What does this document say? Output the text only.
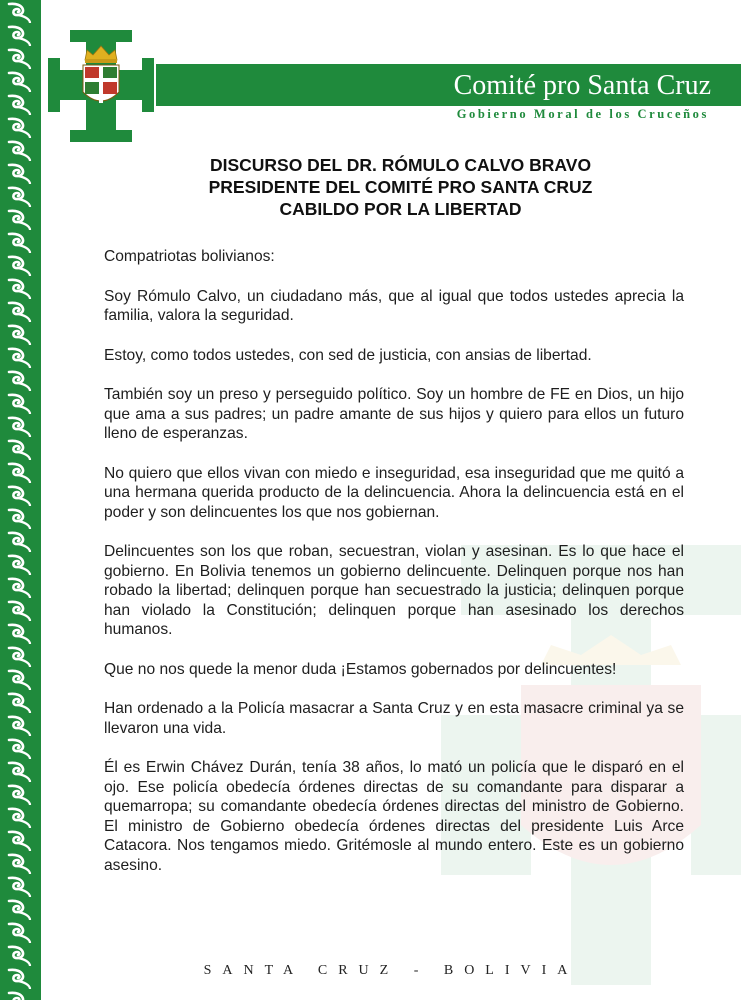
Comité pro Santa Cruz
Gobierno Moral de los Cruceños
DISCURSO DEL DR. RÓMULO CALVO BRAVO
PRESIDENTE DEL COMITÉ PRO SANTA CRUZ
CABILDO POR LA LIBERTAD

Compatriotas bolivianos:

Soy Rómulo Calvo, un ciudadano más, que al igual que todos ustedes aprecia la familia, valora la seguridad.

Estoy, como todos ustedes, con sed de justicia, con ansias de libertad.

También soy un preso y perseguido político. Soy un hombre de FE en Dios, un hijo que ama a sus padres; un padre amante de sus hijos y quiero para ellos un futuro lleno de esperanzas.

No quiero que ellos vivan con miedo e inseguridad, esa inseguridad que me quitó a una hermana querida producto de la delincuencia. Ahora la delincuencia está en el poder y son delincuentes los que nos gobiernan.

Delincuentes son los que roban, secuestran, violan y asesinan. Es lo que hace el gobierno. En Bolivia tenemos un gobierno delincuente. Delinquen porque nos han robado la libertad; delinquen porque han secuestrado la justicia; delinquen porque han violado la Constitución; delinquen porque han asesinado los derechos humanos.

Que no nos quede la menor duda ¡Estamos gobernados por delincuentes!

Han ordenado a la Policía masacrar a Santa Cruz y en esta masacre criminal ya se llevaron una vida.

Él es Erwin Chávez Durán, tenía 38 años, lo mató un policía que le disparó en el ojo. Ese policía obedecía órdenes directas de su comandante para disparar a quemarropa; su comandante obedecía órdenes directas del ministro de Gobierno. El ministro de Gobierno obedecía órdenes directas del presidente Luis Arce Catacora. Nos tengamos miedo. Gritémosle al mundo entero. Este es un gobierno asesino.

SANTA CRUZ - BOLIVIA
